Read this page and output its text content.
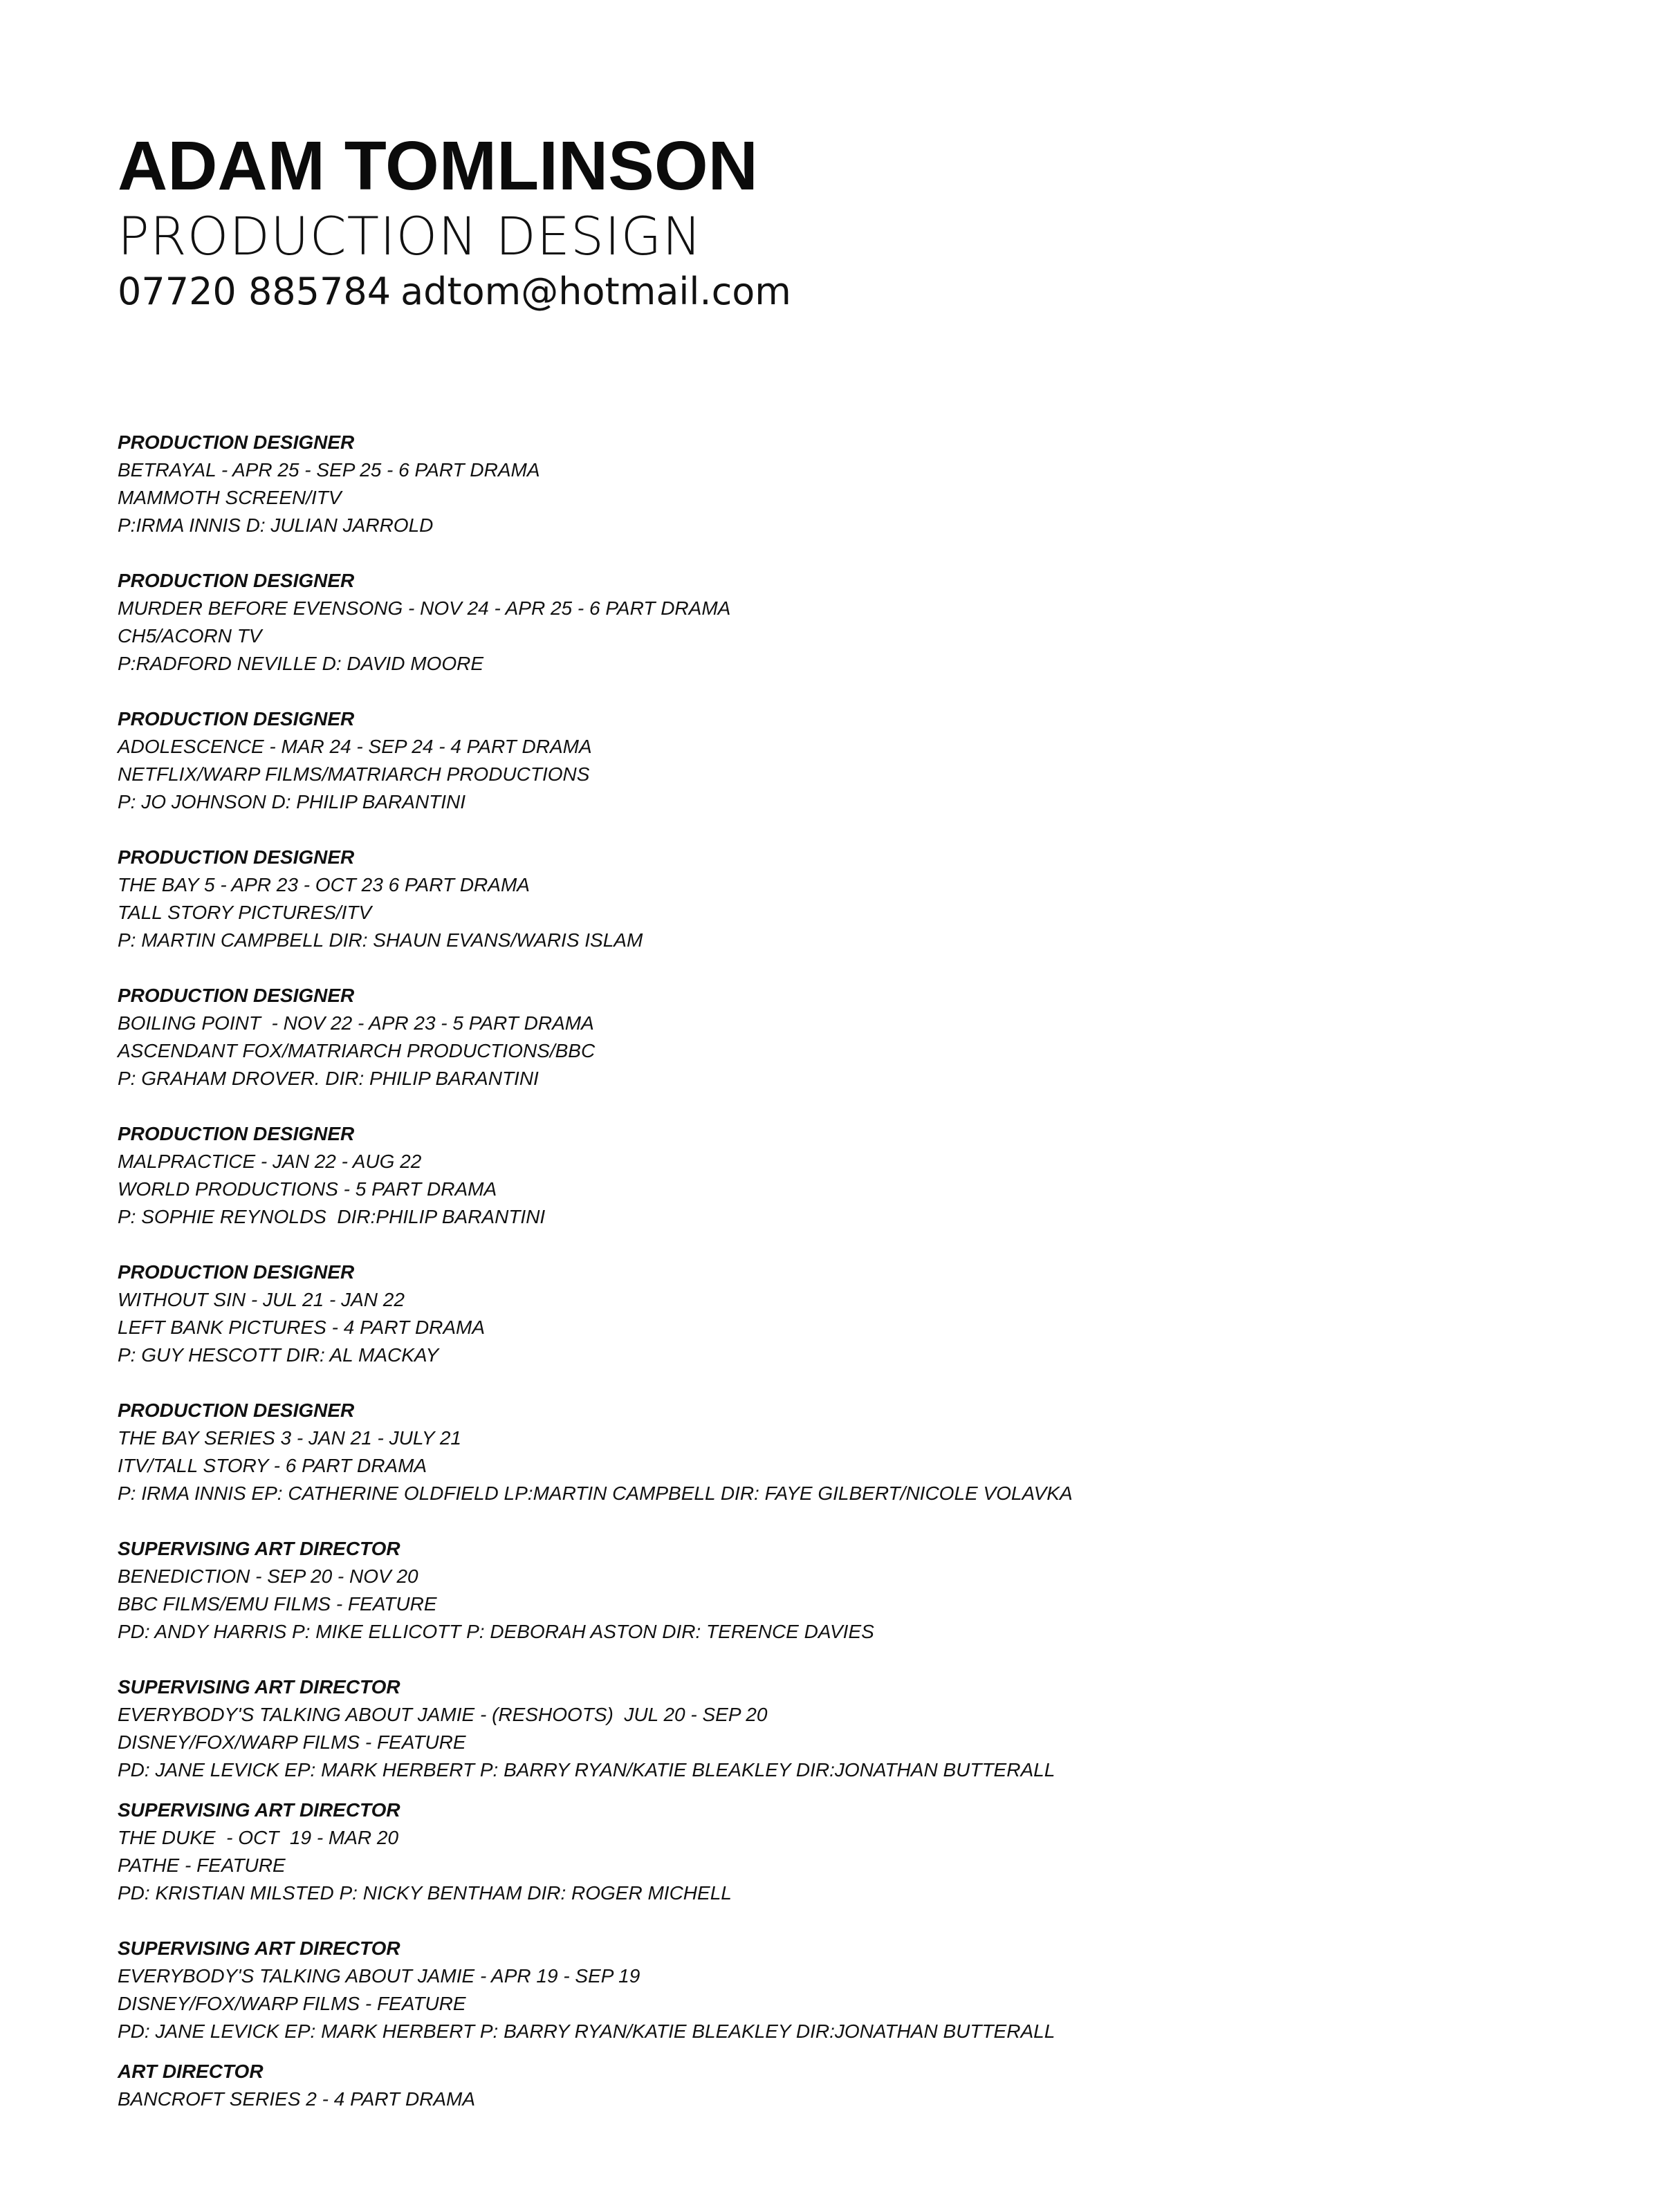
ADAM TOMLINSON
PRODUCTION DESIGN
07720 885784 adtom@hotmail.com
PRODUCTION DESIGNER
BETRAYAL - APR 25 - SEP 25 - 6 PART DRAMA
MAMMOTH SCREEN/ITV
P:IRMA INNIS D: JULIAN JARROLD
PRODUCTION DESIGNER
MURDER BEFORE EVENSONG - NOV 24 - APR 25 - 6 PART DRAMA
CH5/ACORN TV
P:RADFORD NEVILLE D: DAVID MOORE
PRODUCTION DESIGNER
ADOLESCENCE - MAR 24 - SEP 24 - 4 PART DRAMA
NETFLIX/WARP FILMS/MATRIARCH PRODUCTIONS
P: JO JOHNSON D: PHILIP BARANTINI
PRODUCTION DESIGNER
THE BAY 5 - APR 23 - OCT 23 6 PART DRAMA
TALL STORY PICTURES/ITV
P: MARTIN CAMPBELL DIR: SHAUN EVANS/WARIS ISLAM
PRODUCTION DESIGNER
BOILING POINT  - NOV 22 - APR 23 - 5 PART DRAMA
ASCENDANT FOX/MATRIARCH PRODUCTIONS/BBC
P: GRAHAM DROVER. DIR: PHILIP BARANTINI
PRODUCTION DESIGNER
MALPRACTICE - JAN 22 - AUG 22
WORLD PRODUCTIONS - 5 PART DRAMA
P: SOPHIE REYNOLDS  DIR:PHILIP BARANTINI
PRODUCTION DESIGNER
WITHOUT SIN - JUL 21 - JAN 22
LEFT BANK PICTURES - 4 PART DRAMA
P: GUY HESCOTT DIR: AL MACKAY
PRODUCTION DESIGNER
THE BAY SERIES 3 - JAN 21 - JULY 21
ITV/TALL STORY - 6 PART DRAMA
P: IRMA INNIS EP: CATHERINE OLDFIELD LP:MARTIN CAMPBELL DIR: FAYE GILBERT/NICOLE VOLAVKA
SUPERVISING ART DIRECTOR
BENEDICTION - SEP 20 - NOV 20
BBC FILMS/EMU FILMS - FEATURE
PD: ANDY HARRIS P: MIKE ELLICOTT P: DEBORAH ASTON DIR: TERENCE DAVIES
SUPERVISING ART DIRECTOR
EVERYBODY'S TALKING ABOUT JAMIE - (RESHOOTS)  JUL 20 - SEP 20
DISNEY/FOX/WARP FILMS - FEATURE
PD: JANE LEVICK EP: MARK HERBERT P: BARRY RYAN/KATIE BLEAKLEY DIR:JONATHAN BUTTERALL
SUPERVISING ART DIRECTOR
THE DUKE  - OCT  19 - MAR 20
PATHE - FEATURE
PD: KRISTIAN MILSTED P: NICKY BENTHAM DIR: ROGER MICHELL
SUPERVISING ART DIRECTOR
EVERYBODY'S TALKING ABOUT JAMIE - APR 19 - SEP 19
DISNEY/FOX/WARP FILMS - FEATURE
PD: JANE LEVICK EP: MARK HERBERT P: BARRY RYAN/KATIE BLEAKLEY DIR:JONATHAN BUTTERALL
ART DIRECTOR
BANCROFT SERIES 2 - 4 PART DRAMA
